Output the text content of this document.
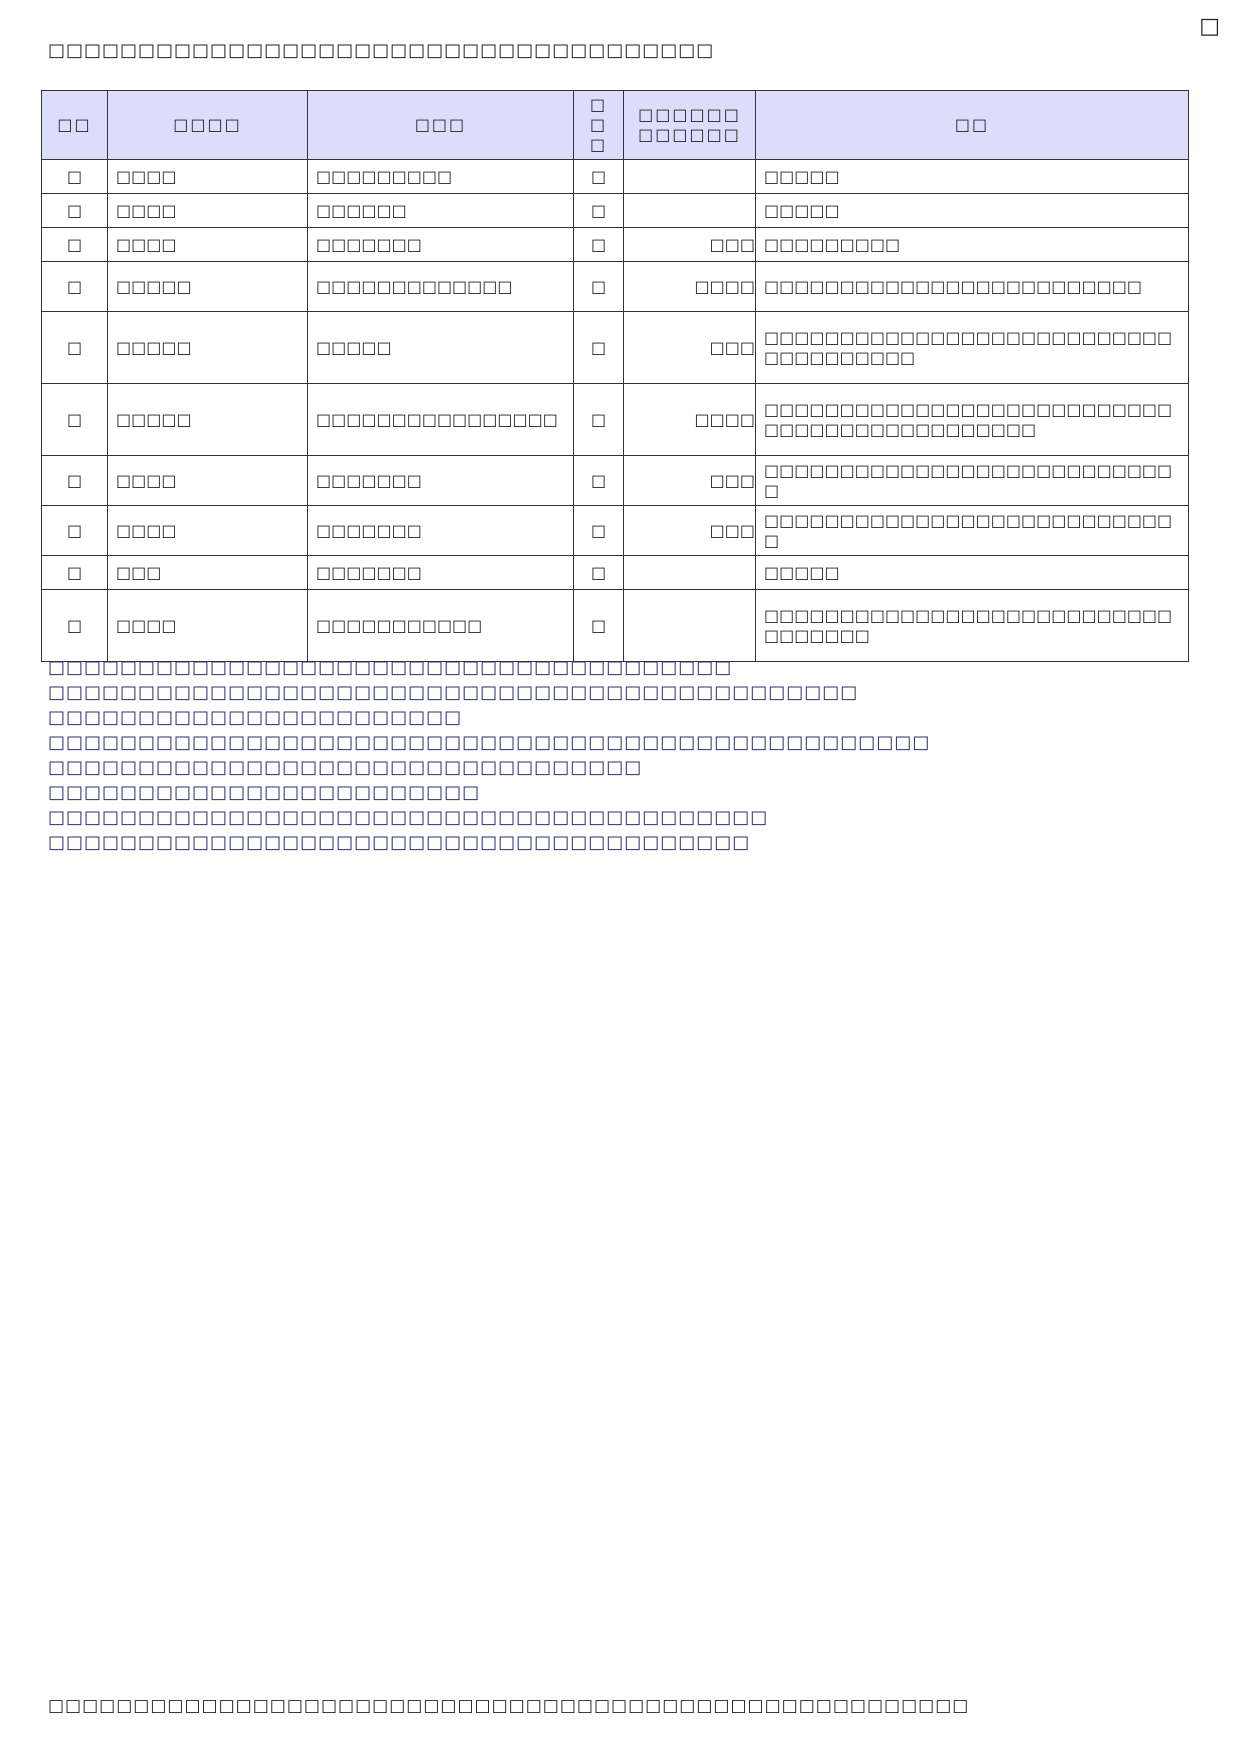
□
□□□□□□□□□□□□□□□□□□□□□□□□□□□□□□□□□□□□□
□□	□□□□	□□□	□□□	□□□□□□□□□□□□	□□
□	□□□□	□□□□□□□□□	□		□□□□□
□	□□□□	□□□□□□	□		□□□□□
□	□□□□	□□□□□□□	□	□□□	□□□□□□□□□
□	□□□□□	□□□□□□□□□□□□□	□	□□□□	□□□□□□□□□□□□□□□□□□□□□□□□□
□	□□□□□	□□□□□	□	□□□	□□□□□□□□□□□□□□□□□□□□□□□□□□□□□□□□□□□□□
□	□□□□□	□□□□□□□□□□□□□□□□	□	□□□□	□□□□□□□□□□□□□□□□□□□□□□□□□□□□□□□□□□□□□□□□□□□□□
□	□□□□	□□□□□□□	□	□□□	□□□□□□□□□□□□□□□□□□□□□□□□□□□□
□	□□□□	□□□□□□□	□	□□□	□□□□□□□□□□□□□□□□□□□□□□□□□□□□
□	□□□	□□□□□□□	□		□□□□□
□	□□□□	□□□□□□□□□□□	□		□□□□□□□□□□□□□□□□□□□□□□□□□□□□□□□□□□

□□□□□□□□□□□□□□□□□□□□□□□□□□□□□□□□□□□□□□

□□□□□□□□□□□□□□□□□□□□□□□□□□□□□□□□□□□□□□□□□□□□□

□□□□□□□□□□□□□□□□□□□□□□□

□□□□□□□□□□□□□□□□□□□□□□□□□□□□□□□□□□□□□□□□□□□□□□□□□

□□□□□□□□□□□□□□□□□□□□□□□□□□□□□□□□□

□□□□□□□□□□□□□□□□□□□□□□□□

□□□□□□□□□□□□□□□□□□□□□□□□□□□□□□□□□□□□□□□□

□□□□□□□□□□□□□□□□□□□□□□□□□□□□□□□□□□□□□□□

□□□□□□□□□□□□□□□□□□□□□□□□□□□□□□□□□□□□□□□□□□□□□□□□□□□□□□
